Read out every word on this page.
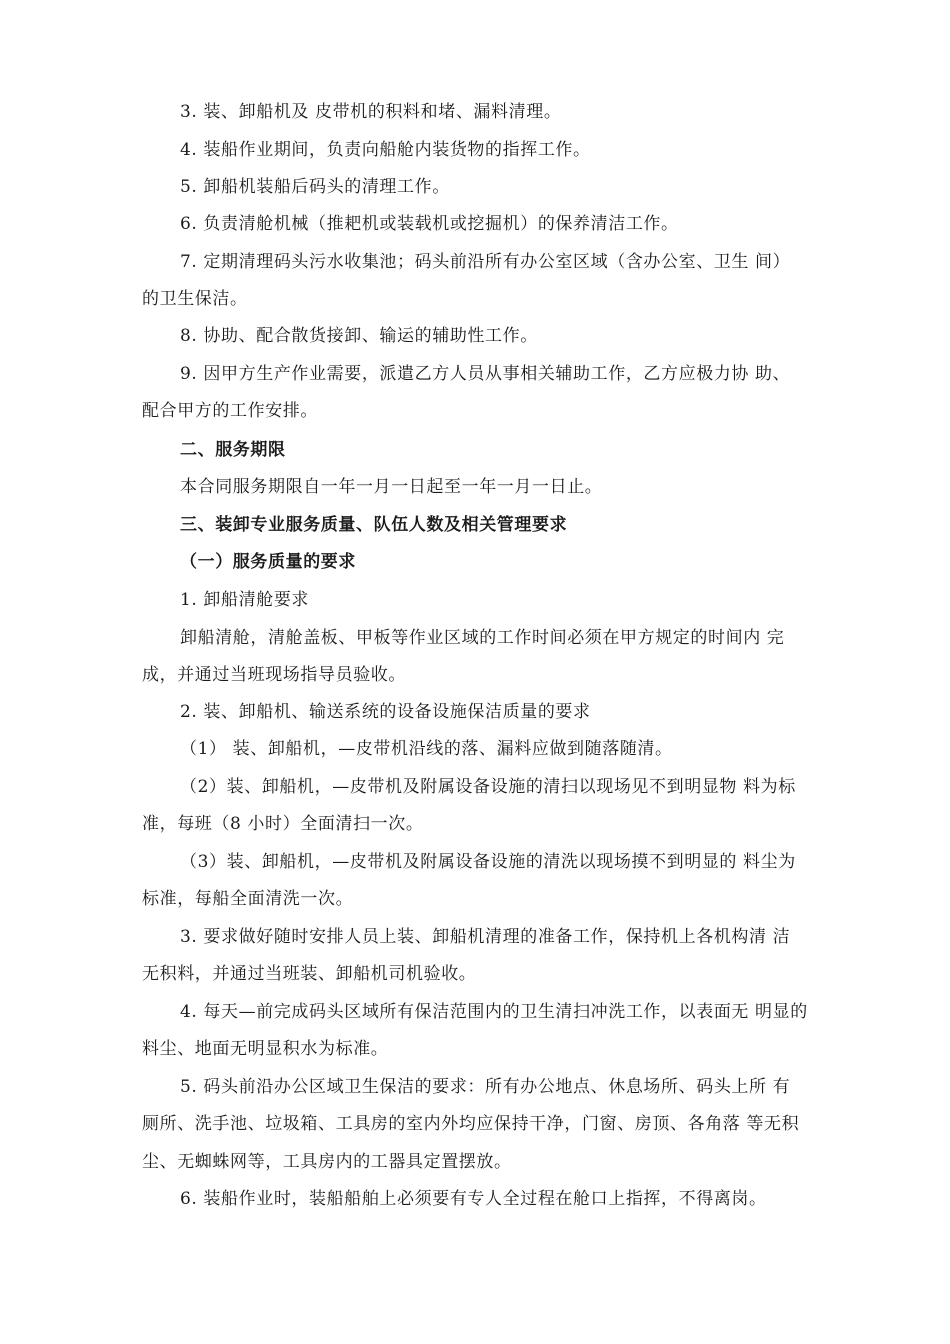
3. 装、卸船机及 皮带机的积料和堵、漏料清理。
4. 装船作业期间，负责向船舱内装货物的指挥工作。
5. 卸船机装船后码头的清理工作。
6. 负责清舱机械（推耙机或装载机或挖掘机）的保养清洁工作。
7. 定期清理码头污水收集池；码头前沿所有办公室区域（含办公室、卫生 间）
的卫生保洁。
8. 协助、配合散货接卸、输运的辅助性工作。
9. 因甲方生产作业需要，派遣乙方人员从事相关辅助工作，乙方应极力协 助、
配合甲方的工作安排。
二、服务期限
本合同服务期限自一年一月一日起至一年一月一日止。
三、装卸专业服务质量、队伍人数及相关管理要求
（一）服务质量的要求
1. 卸船清舱要求
卸船清舱，清舱盖板、甲板等作业区域的工作时间必须在甲方规定的时间内 完
成，并通过当班现场指导员验收。
2. 装、卸船机、输送系统的设备设施保洁质量的要求
（1） 装、卸船机，—皮带机沿线的落、漏料应做到随落随清。
（2）装、卸船机，—皮带机及附属设备设施的清扫以现场见不到明显物 料为标
准，每班（8 小时）全面清扫一次。
（3）装、卸船机，—皮带机及附属设备设施的清洗以现场摸不到明显的 料尘为
标准，每船全面清洗一次。
3. 要求做好随时安排人员上装、卸船机清理的准备工作，保持机上各机构清 洁
无积料，并通过当班装、卸船机司机验收。
4. 每天—前完成码头区域所有保洁范围内的卫生清扫冲洗工作，以表面无 明显的
料尘、地面无明显积水为标准。
5. 码头前沿办公区域卫生保洁的要求：所有办公地点、休息场所、码头上所 有
厕所、洗手池、垃圾箱、工具房的室内外均应保持干净，门窗、房顶、各角落 等无积
尘、无蜘蛛网等，工具房内的工器具定置摆放。
6. 装船作业时，装船船舶上必须要有专人全过程在舱口上指挥，不得离岗。
